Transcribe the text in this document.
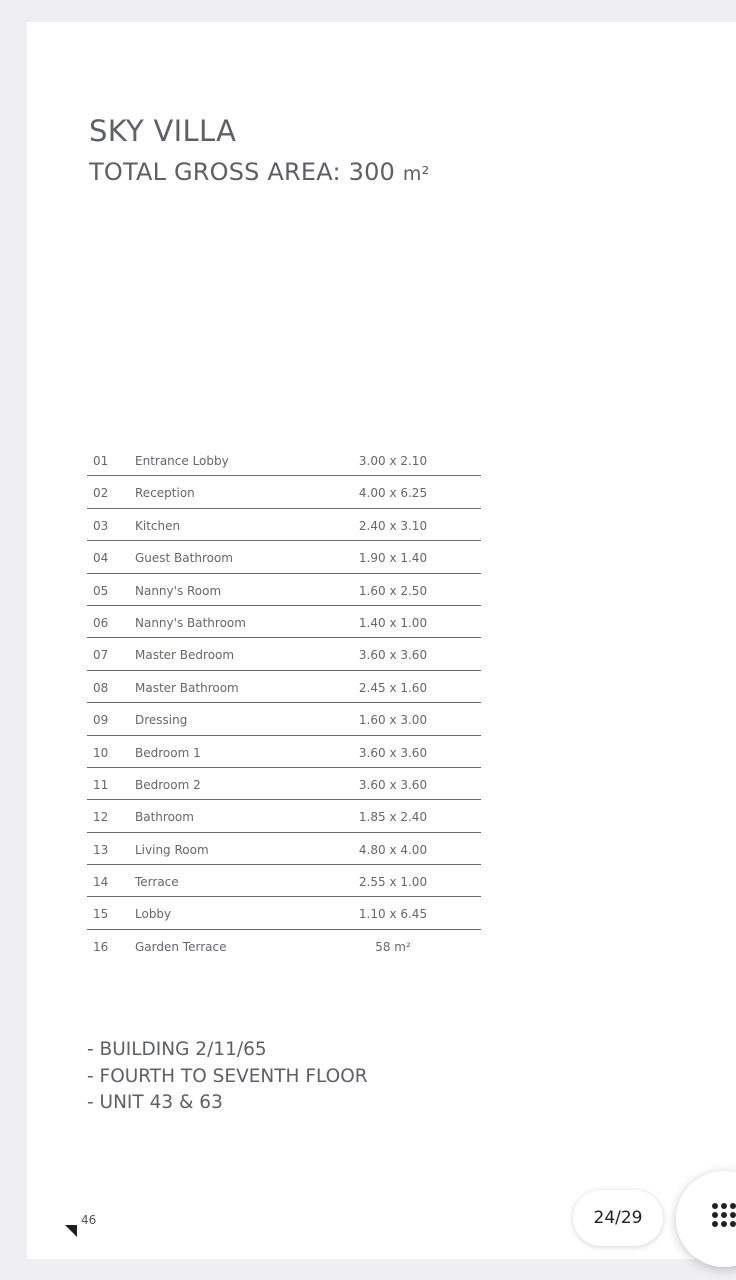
SKY VILLA
TOTAL GROSS AREA: 300 m²
01 Entrance Lobby	3.00 x 2.10
02 Reception	4.00 x 6.25
03 Kitchen	2.40 x 3.10
04 Guest Bathroom	1.90 x 1.40
05 Nanny's Room	1.60 x 2.50
06 Nanny's Bathroom	1.40 x 1.00
07 Master Bedroom	3.60 x 3.60
08 Master Bathroom	2.45 x 1.60
09 Dressing	1.60 x 3.00
10 Bedroom 1	3.60 x 3.60
11 Bedroom 2	3.60 x 3.60
12 Bathroom	1.85 x 2.40
13 Living Room	4.80 x 4.00
14 Terrace	2.55 x 1.00
15 Lobby	1.10 x 6.45
16 Garden Terrace	58 m²
- BUILDING 2/11/65
- FOURTH TO SEVENTH FLOOR
- UNIT 43 & 63
46	24/29
